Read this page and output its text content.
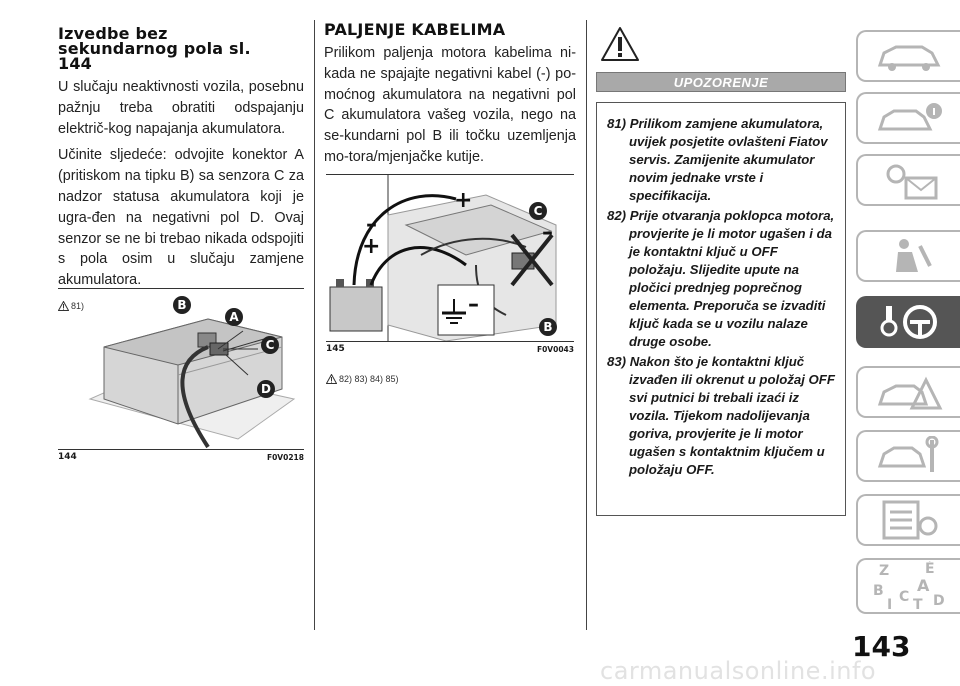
Izvedbe bez
sekundarnog pola sl.
144

U slučaju neaktivnosti vozila, posebnu pažnju treba obratiti odspajanju električ-kog napajanja akumulatora.

Učinite sljedeće: odvojite konektor A (pritiskom na tipku B) sa senzora C za nadzor statusa akumulatora koji je ugra-đen na negativni pol D. Ovaj senzor se ne bi trebao nikada odspojiti s pola osim u slučaju zamjene akumulatora.

81)	B
A
C
D
144	F0V0218
PALJENJE KABELIMA

Prilikom paljenja motora kabelima ni-kada ne spajajte negativni kabel (-) po-moćnog akumulatora na negativni pol C akumulatora vašeg vozila, nego na se-kundarni pol B ili točku uzemljenja mo-tora/mjenjačke kutije.

+
–
+
–
–
C
B
145	F0V0043
82) 83) 84) 85)
UPOZORENJE

81) Prilikom zamjene akumulatora, uvijek posjetite ovlašteni Fiatov servis. Zamijenite akumulator novim jednake vrste i specifikacija.

82) Prije otvaranja poklopca motora, provjerite je li motor ugašen i da je kontaktni ključ u OFF položaju. Slijedite upute na pločici prednjeg poprečnog elementa. Preporuča se izvaditi ključ kada se u vozilu nalaze druge osobe.

83) Nakon što je kontaktni ključ izvađen ili okrenut u položaj OFF svi putnici bi trebali izaći iz vozila. Tijekom nadolijevanja goriva, provjerite je li motor ugašen s kontaktnim ključem u položaju OFF.

Z	É
A
B
I C T D
143
carmanualsonline.info
